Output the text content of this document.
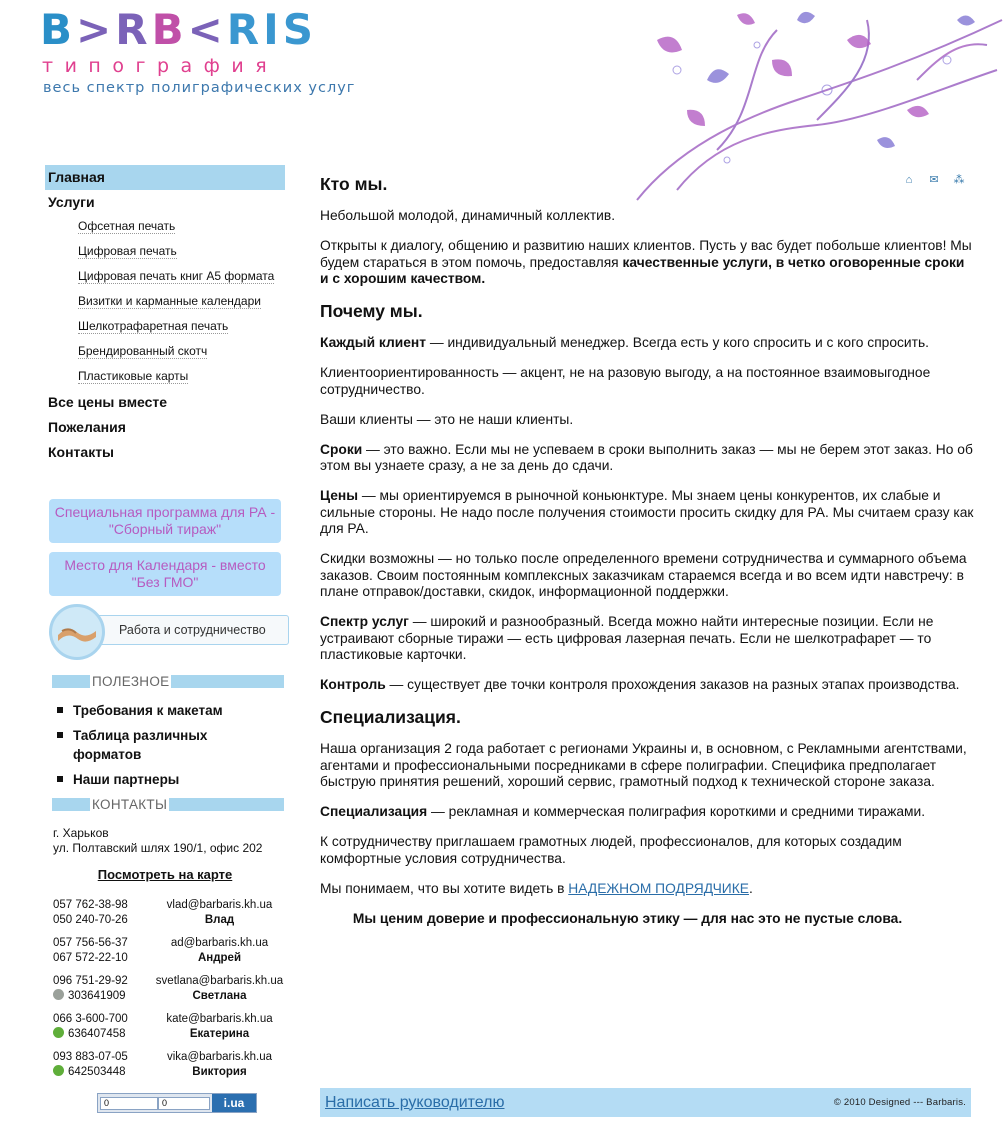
B>RB<RIS
типография
весь спектр полиграфических услуг
⌂	✉ ⁂
Главная
Услуги
Офсетная печать
Цифровая печать
Цифровая печать книг А5 формата
Визитки и карманные календари
Шелкотрафаретная печать
Брендированный скотч
Пластиковые карты
Все цены вместе
Пожелания
Контакты
Специальная программа для РА - "Сборный тираж"
Место для Календаря - вместо "Без ГМО"
Работа и сотрудничество
ПОЛЕЗНОЕ
Требования к макетам
Таблица различных форматов
Наши партнеры
КОНТАКТЫ
г. Харьков
ул. Полтавский шлях 190/1, офис 202
Посмотреть на карте
057 762-38-98
050 240-70-26
vlad@barbaris.kh.ua
Влад
057 756-56-37
067 572-22-10
ad@barbaris.kh.ua
Андрей
096 751-29-92
303641909
svetlana@barbaris.kh.ua
Светлана
066 3-600-700
636407458
kate@barbaris.kh.ua
Екатерина
093 883-07-05
642503448
vika@barbaris.kh.ua
Виктория
0	0	i.ua
Кто мы.

Небольшой молодой, динамичный коллектив.

Открыты к диалогу, общению и развитию наших клиентов. Пусть у вас будет побольше клиентов! Мы будем стараться в этом помочь, предоставляя качественные услуги, в четко оговоренные сроки и с хорошим качеством.

Почему мы.

Каждый клиент — индивидуальный менеджер. Всегда есть у кого спросить и с кого спросить.

Клиентоориентированность — акцент, не на разовую выгоду, а на постоянное взаимовыгодное сотрудничество.

Ваши клиенты — это не наши клиенты.

Сроки — это важно. Если мы не успеваем в сроки выполнить заказ — мы не берем этот заказ. Но об этом вы узнаете сразу, а не за день до сдачи.

Цены — мы ориентируемся в рыночной коньюнктуре. Мы знаем цены конкурентов, их слабые и сильные стороны. Не надо после получения стоимости просить скидку для РА. Мы считаем сразу как для РА.

Скидки возможны — но только после определенного времени сотрудничества и суммарного объема заказов. Своим постоянным комплексных заказчикам стараемся всегда и во всем идти навстречу: в плане отправок/доставки, скидок, информационной поддержки.

Спектр услуг — широкий и разнообразный. Всегда можно найти интересные позиции. Если не устраивают сборные тиражи — есть цифровая лазерная печать. Если не шелкотрафарет — то пластиковые карточки.

Контроль — существует две точки контроля прохождения заказов на разных этапах производства.

Специализация.

Наша организация 2 года работает с регионами Украины и, в основном, с Рекламными агентствами, агентами и профессиональными посредниками в сфере полиграфии. Специфика предполагает быструю принятия решений, хороший сервис, грамотный подход к технической стороне заказа.

Специализация — рекламная и коммерческая полиграфия короткими и средними тиражами.

К сотрудничеству приглашаем грамотных людей, профессионалов, для которых создадим комфортные условия сотрудничества.

Мы понимаем, что вы хотите видеть в НАДЕЖНОМ ПОДРЯДЧИКЕ.

Мы ценим доверие и профессиональную этику — для нас это не пустые слова.

Написать руководителю	© 2010 Designed --- Barbaris.
